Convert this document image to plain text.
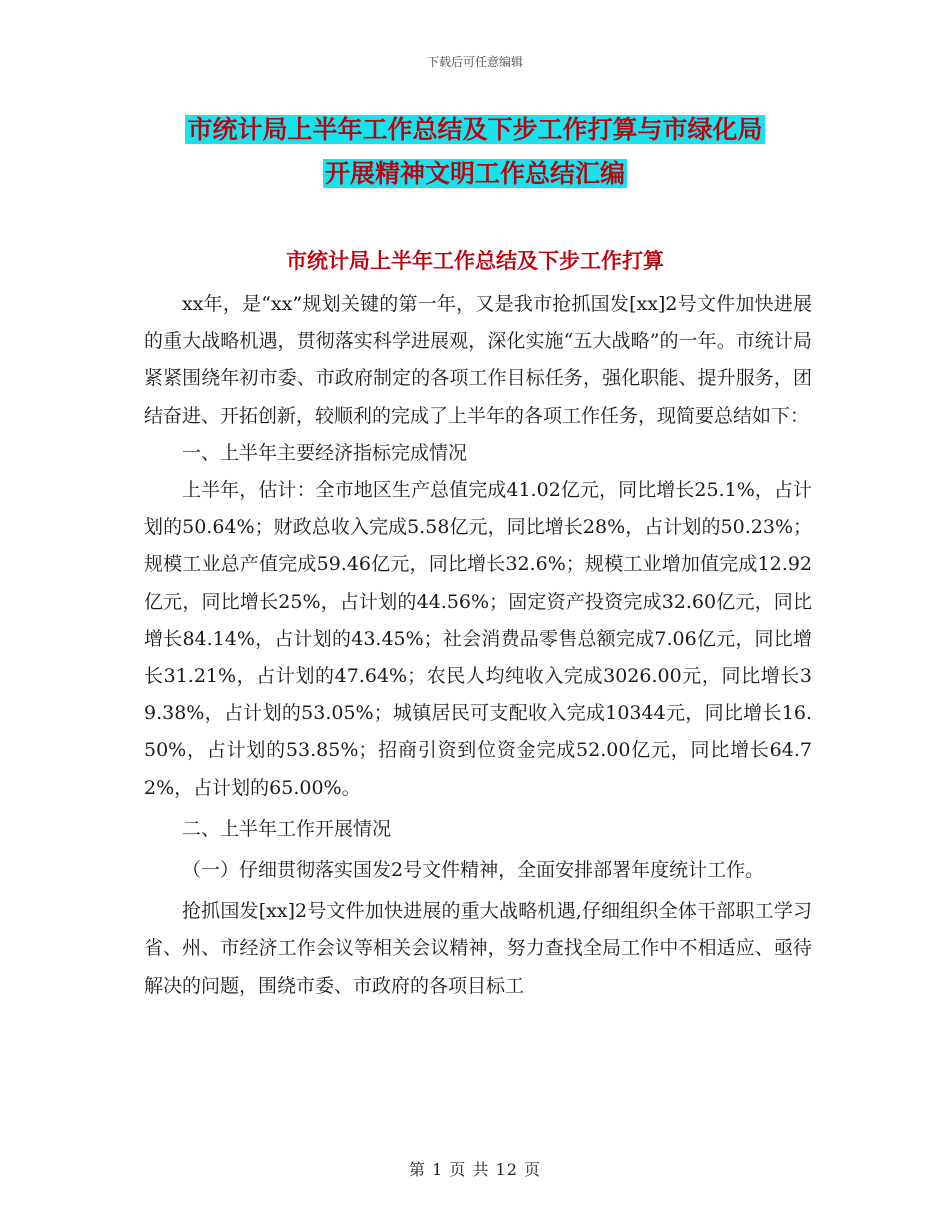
下载后可任意编辑
市统计局上半年工作总结及下步工作打算与市绿化局
开展精神文明工作总结汇编
市统计局上半年工作总结及下步工作打算

xx年，是“xx”规划关键的第一年，又是我市抢抓国发[xx]2号文件加快进展的重大战略机遇，贯彻落实科学进展观，深化实施“五大战略”的一年。市统计局紧紧围绕年初市委、市政府制定的各项工作目标任务，强化职能、提升服务，团结奋进、开拓创新，较顺利的完成了上半年的各项工作任务，现简要总结如下：

一、上半年主要经济指标完成情况

上半年，估计：全市地区生产总值完成41.02亿元，同比增长25.1%，占计划的50.64%；财政总收入完成5.58亿元，同比增长28%，占计划的50.23%；规模工业总产值完成59.46亿元，同比增长32.6%；规模工业增加值完成12.92亿元，同比增长25%，占计划的44.56%；固定资产投资完成32.60亿元，同比增长84.14%，占计划的43.45%；社会消费品零售总额完成7.06亿元，同比增长31.21%，占计划的47.64%；农民人均纯收入完成3026.00元，同比增长39.38%，占计划的53.05%；城镇居民可支配收入完成10344元，同比增长16.50%，占计划的53.85%；招商引资到位资金完成52.00亿元，同比增长64.72%，占计划的65.00%。

二、上半年工作开展情况

（一）仔细贯彻落实国发2号文件精神，全面安排部署年度统计工作。

抢抓国发[xx]2号文件加快进展的重大战略机遇,仔细组织全体干部职工学习省、州、市经济工作会议等相关会议精神，努力查找全局工作中不相适应、亟待解决的问题，围绕市委、市政府的各项目标工

第 1 页 共 12 页
